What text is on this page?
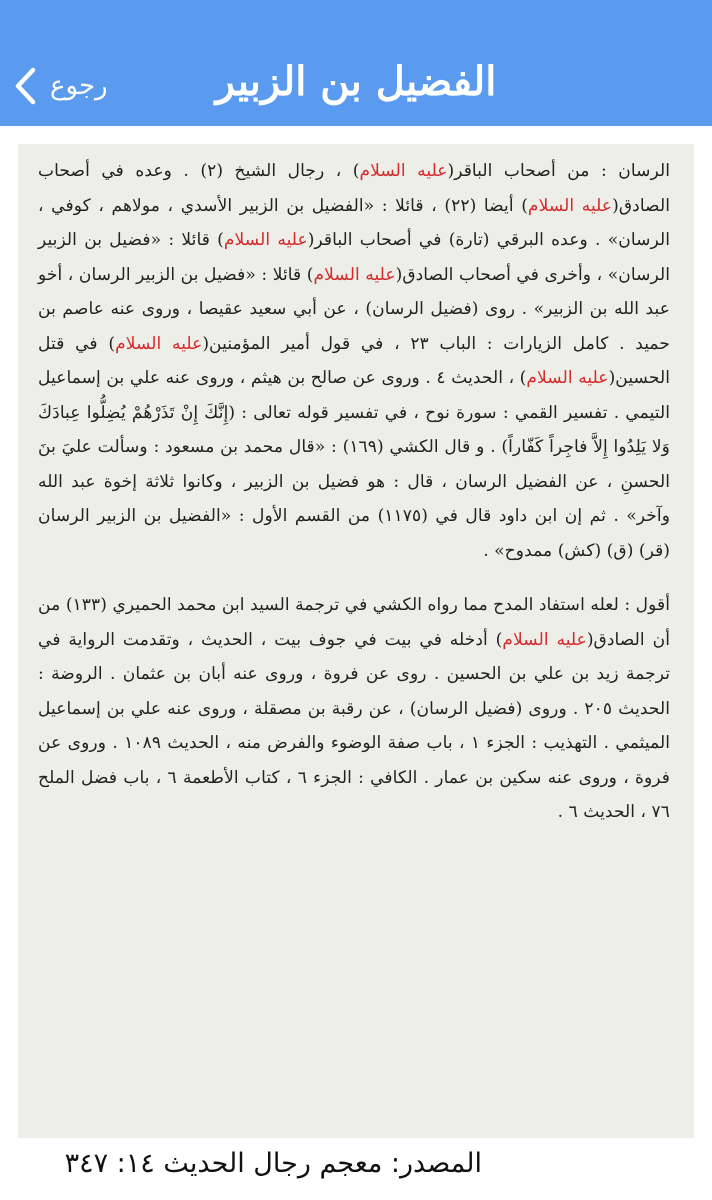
رجوع	الفضيل بن الزبير

الرسان : من أصحاب الباقر(عليه السلام) ، رجال الشيخ (٢) . وعده في أصحاب الصادق(عليه السلام) أيضا (٢٢) ، قائلا : «الفضيل بن الزبير الأسدي ، مولاهم ، كوفي ، الرسان» . وعده البرقي (تارة) في أصحاب الباقر(عليه السلام) قائلا : «فضيل بن الزبير الرسان» ، وأخرى في أصحاب الصادق(عليه السلام) قائلا : «فضيل بن الزبير الرسان ، أخو عبد الله بن الزبير» . روى (فضيل الرسان) ، عن أبي سعيد عقيصا ، وروى عنه عاصم بن حميد . كامل الزيارات : الباب ٢٣ ، في قول أمير المؤمنين(عليه السلام) في قتل الحسين(عليه السلام) ، الحديث ٤ . وروى عن صالح بن هيثم ، وروى عنه علي بن إسماعيل التيمي . تفسير القمي : سورة نوح ، في تفسير قوله تعالى : (إِنَّكَ إِنْ تَذَرْهُمْ يُضِلُّوا عِبادَكَ وَلا يَلِدُوا إِلاَّ فاجِراً كَفّاراً) . و قال الكشي (١٦٩) : «قال محمد بن مسعود : وسألت عليَ بنَ الحسنِ ، عن الفضيل الرسان ، قال : هو فضيل بن الزبير ، وكانوا ثلاثة إخوة عبد الله وآخر» . ثم إن ابن داود قال في (١١٧٥) من القسم الأول : «الفضيل بن الزبير الرسان (قر) (ق) (كش) ممدوح» .

أقول : لعله استفاد المدح مما رواه الكشي في ترجمة السيد ابن محمد الحميري (١٣٣) من أن الصادق(عليه السلام) أدخله في بيت في جوف بيت ، الحديث ، وتقدمت الرواية في ترجمة زيد بن علي بن الحسين . روى عن فروة ، وروى عنه أبان بن عثمان . الروضة : الحديث ٢٠٥ . وروى (فضيل الرسان) ، عن رقبة بن مصقلة ، وروى عنه علي بن إسماعيل الميثمي . التهذيب : الجزء ١ ، باب صفة الوضوء والفرض منه ، الحديث ١٠٨٩ . وروى عن فروة ، وروى عنه سكين بن عمار . الكافي : الجزء ٦ ، كتاب الأطعمة ٦ ، باب فضل الملح ٧٦ ، الحديث ٦ .

المصدر: معجم رجال الحديث ١٤: ٣٤٧
